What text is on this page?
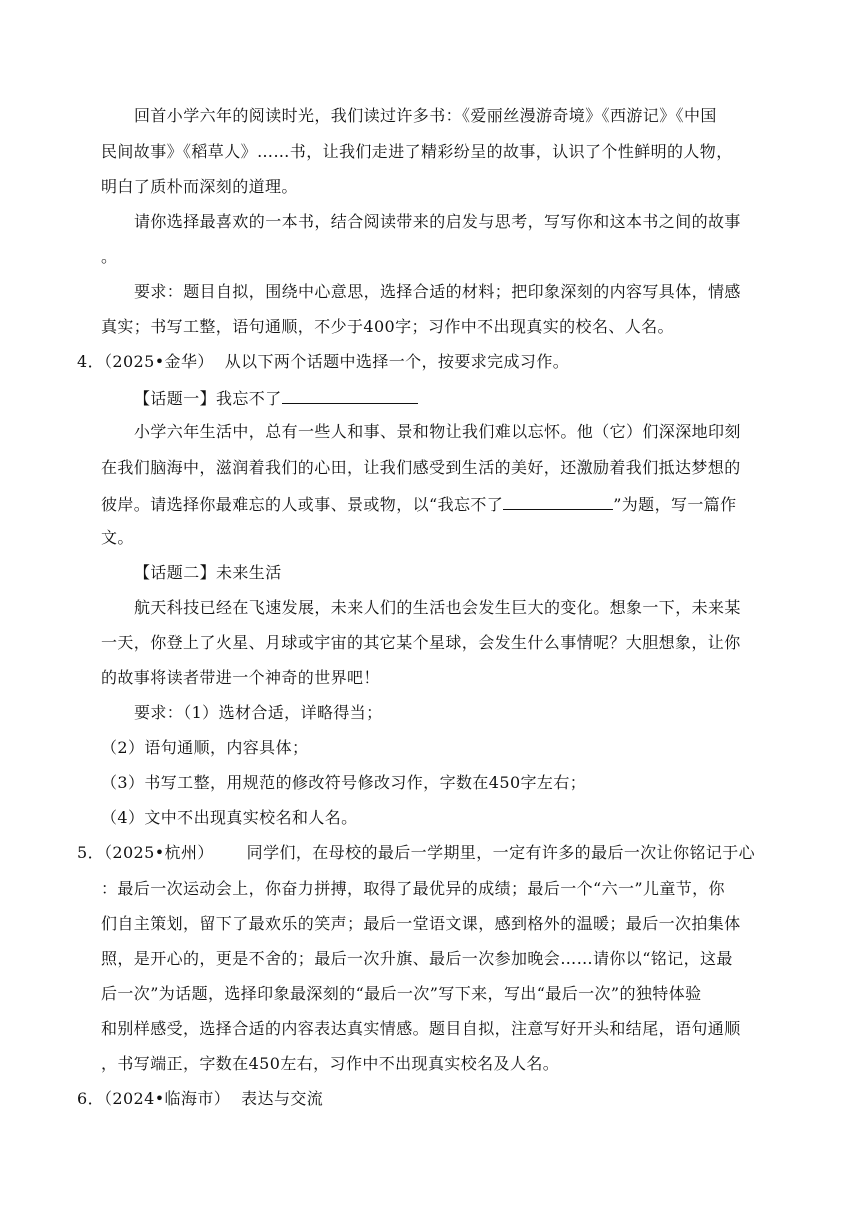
回首小学六年的阅读时光，我们读过许多书：《爱丽丝漫游奇境》《西游记》《中国
民间故事》《稻草人》……书，让我们走进了精彩纷呈的故事，认识了个性鲜明的人物，
明白了质朴而深刻的道理。
请你选择最喜欢的一本书，结合阅读带来的启发与思考，写写你和这本书之间的故事
。
要求：题目自拟，围绕中心意思，选择合适的材料；把印象深刻的内容写具体，情感
真实；书写工整，语句通顺，不少于400字；习作中不出现真实的校名、人名。
4．（2025•金华） 从以下两个话题中选择一个，按要求完成习作。
【话题一】我忘不了
小学六年生活中，总有一些人和事、景和物让我们难以忘怀。他（它）们深深地印刻
在我们脑海中，滋润着我们的心田，让我们感受到生活的美好，还激励着我们抵达梦想的
彼岸。请选择你最难忘的人或事、景或物，以“我忘不了	”为题，写一篇作
文。
【话题二】未来生活
航天科技已经在飞速发展，未来人们的生活也会发生巨大的变化。想象一下，未来某
一天，你登上了火星、月球或宇宙的其它某个星球，会发生什么事情呢？大胆想象，让你
的故事将读者带进一个神奇的世界吧！
要求：（1）选材合适，详略得当；
（2）语句通顺，内容具体；
（3）书写工整，用规范的修改符号修改习作，字数在450字左右；
（4）文中不出现真实校名和人名。
5．（2025•杭州） 同学们，在母校的最后一学期里，一定有许多的最后一次让你铭记于心
：最后一次运动会上，你奋力拼搏，取得了最优异的成绩；最后一个“六一”儿童节，你
们自主策划，留下了最欢乐的笑声；最后一堂语文课，感到格外的温暖；最后一次拍集体
照，是开心的，更是不舍的；最后一次升旗、最后一次参加晚会……请你以“铭记，这最
后一次”为话题，选择印象最深刻的“最后一次”写下来，写出“最后一次”的独特体验
和别样感受，选择合适的内容表达真实情感。题目自拟，注意写好开头和结尾，语句通顺
，书写端正，字数在450左右，习作中不出现真实校名及人名。
6．（2024•临海市） 表达与交流
